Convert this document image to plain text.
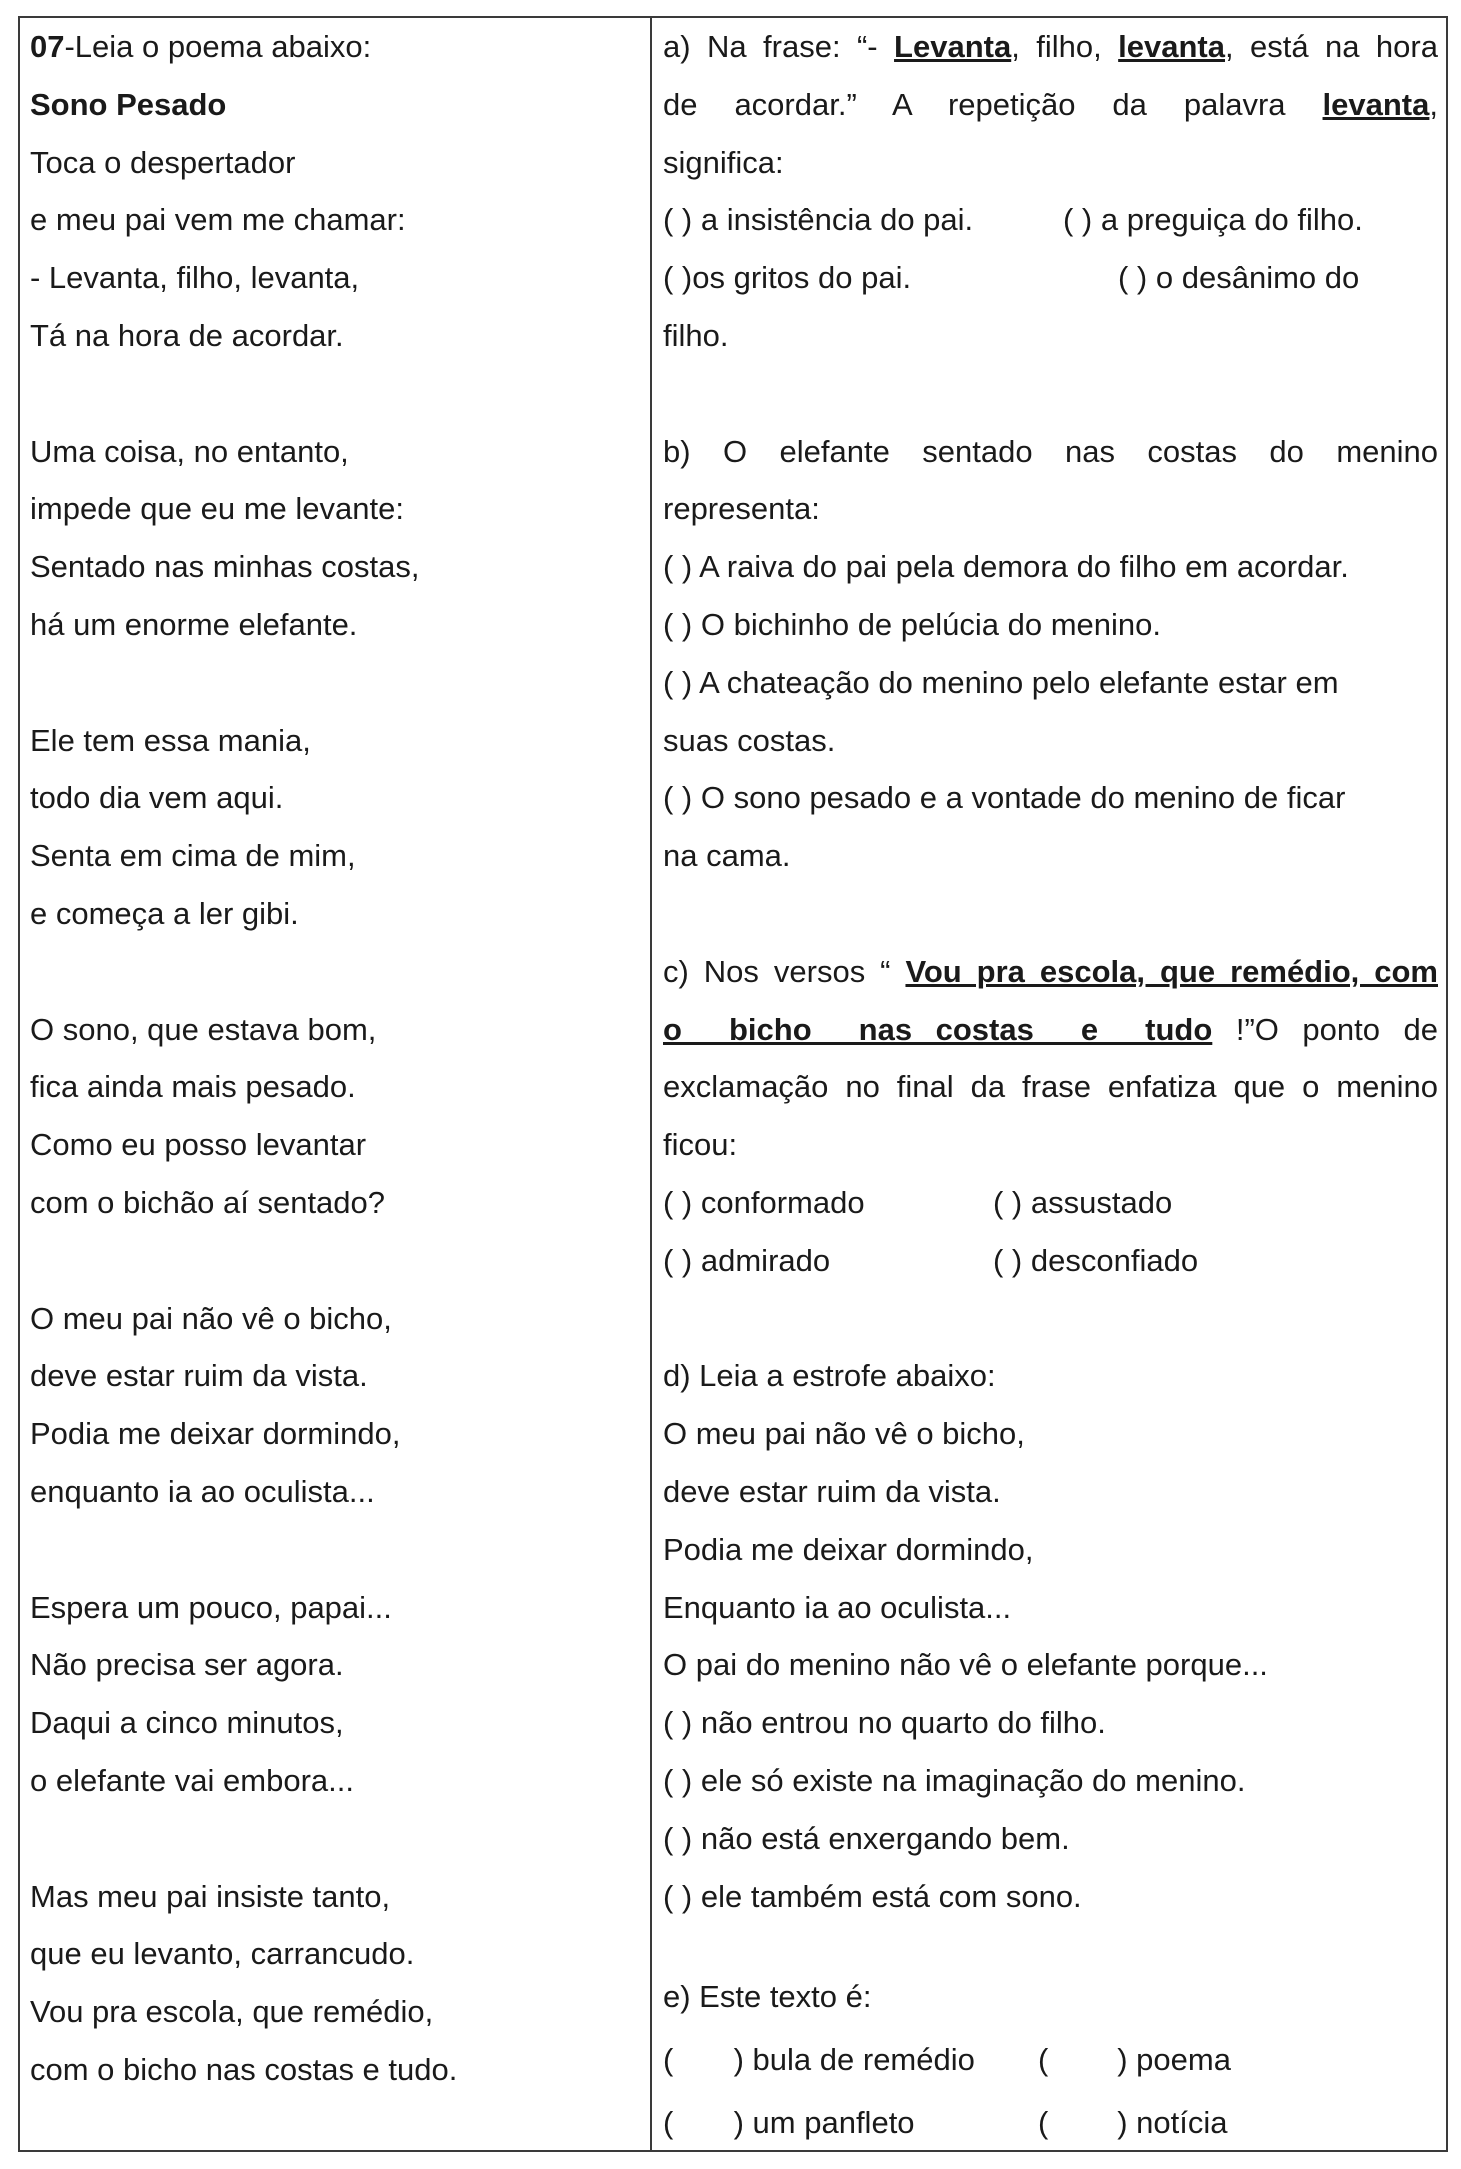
07-Leia o poema abaixo:
Sono Pesado
Toca o despertador
e meu pai vem me chamar:
- Levanta, filho, levanta,
Tá na hora de acordar.
Uma coisa, no entanto,
impede que eu me levante:
Sentado nas minhas costas,
há um enorme elefante.
Ele tem essa mania,
todo dia vem aqui.
Senta em cima de mim,
e começa a ler gibi.
O sono, que estava bom,
fica ainda mais pesado.
Como eu posso levantar
com o bichão aí sentado?
O meu pai não vê o bicho,
deve estar ruim da vista.
Podia me deixar dormindo,
enquanto ia ao oculista...
Espera um pouco, papai...
Não precisa ser agora.
Daqui a cinco minutos,
o elefante vai embora...
Mas meu pai insiste tanto,
que eu levanto, carrancudo.
Vou pra escola, que remédio,
com o bicho nas costas e tudo.
a) Na frase: “- Levanta, filho, levanta, está na hora
de acordar.” A repetição da palavra levanta,
significa:
( ) a insistência do pai.	( ) a preguiça do filho.
( )os gritos do pai.	( ) o desânimo do
filho.
b) O elefante sentado nas costas do menino
representa:
( ) A raiva do pai pela demora do filho em acordar.
( ) O bichinho de pelúcia do menino.
( ) A chateação do menino pelo elefante estar em
suas costas.
( ) O sono pesado e a vontade do menino de ficar
na cama.
c) Nos versos “ Vou pra escola, que remédio, com
o  bicho  nas costas  e  tudo !”O ponto de
exclamação no final da frase enfatiza que o menino
ficou:
( ) conformado	( ) assustado
( ) admirado	( ) desconfiado
d) Leia a estrofe abaixo:
O meu pai não vê o bicho,
deve estar ruim da vista.
Podia me deixar dormindo,
Enquanto ia ao oculista...
O pai do menino não vê o elefante porque...
( ) não entrou no quarto do filho.
( ) ele só existe na imaginação do menino.
( ) não está enxergando bem.
( ) ele também está com sono.
e) Este texto é:
(       ) bula de remédio	(        ) poema
(       ) um panfleto	(        ) notícia
